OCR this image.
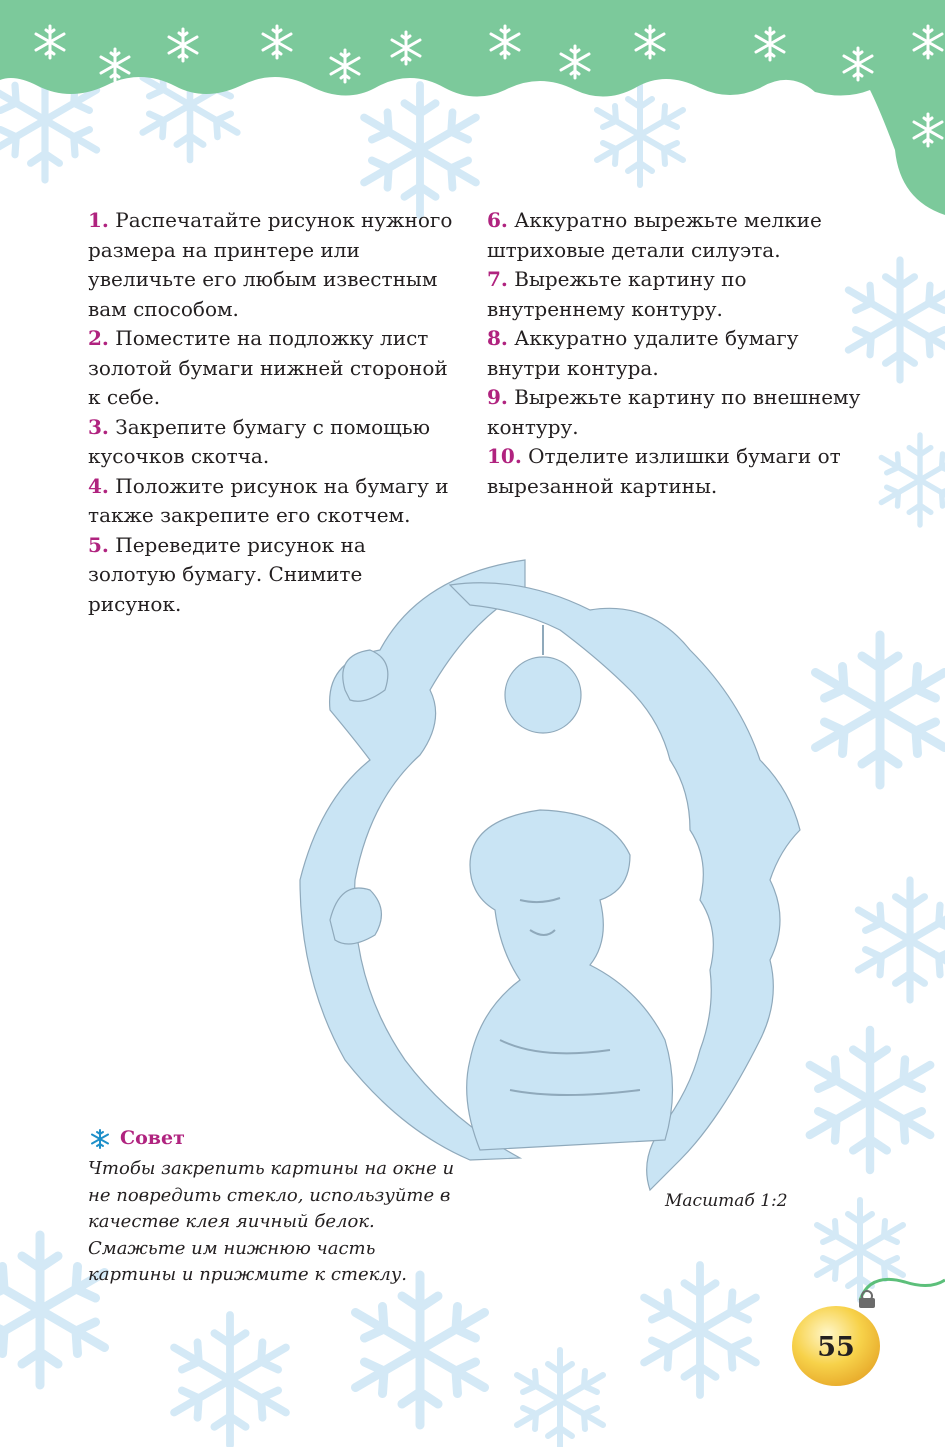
1. Распечатайте рисунок нужного размера на принтере или увеличьте его любым известным вам способом.

2. Поместите на подложку лист золотой бумаги нижней стороной к себе.

3. Закрепите бумагу с помощью кусочков скотча.

4. Положите рисунок на бумагу и также закрепите его скотчем.

5. Переведите рисунок на золотую бумагу. Снимите рисунок.

6. Аккуратно вырежьте мелкие штриховые детали силуэта.

7. Вырежьте картину по внутреннему контуру.

8. Аккуратно удалите бумагу внутри контура.

9. Вырежьте картину по внешнему контуру.

10. Отделите излишки бумаги от вырезанной картины.

Совет
Чтобы закрепить картины на окне и не повредить стекло, используйте в качестве клея яичный белок. Смажьте им нижнюю часть картины и прижмите к стеклу.
Масштаб 1:2
55
